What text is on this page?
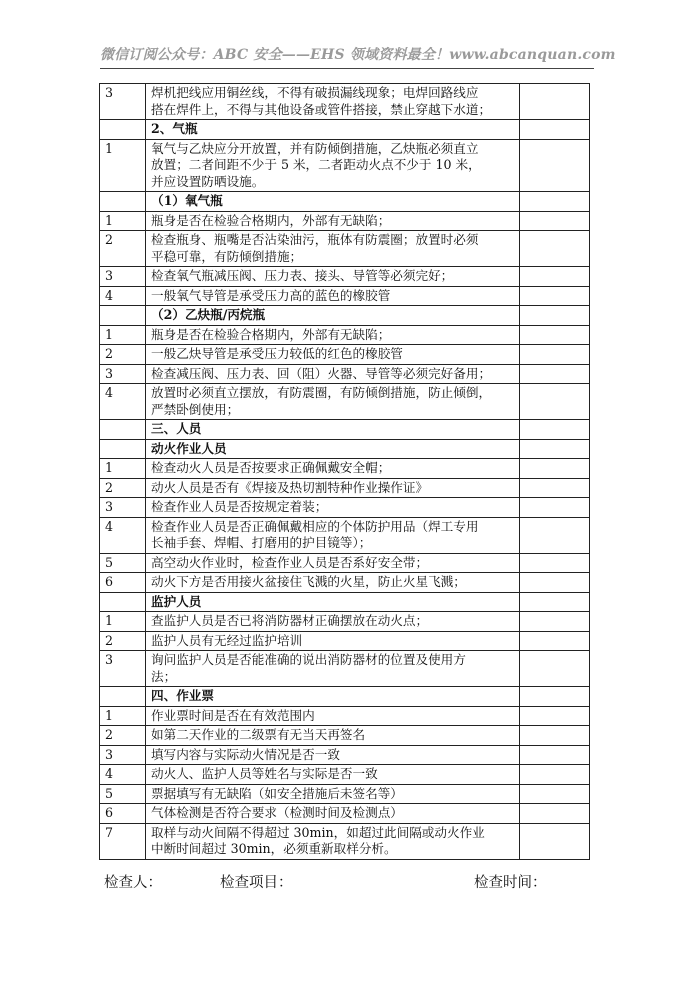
微信订阅公众号：ABC 安全——EHS 领域资料最全！www.abcanquan.com
3	焊机把线应用铜丝线，不得有破损漏线现象；电焊回路线应
搭在焊件上，不得与其他设备或管件搭接，禁止穿越下水道；	

	2、气瓶	
1	氧气与乙炔应分开放置，并有防倾倒措施，乙炔瓶必须直立
放置；二者间距不少于 5 米，二者距动火点不少于 10 米，
并应设置防晒设施。	

	（1）氧气瓶	
1	瓶身是否在检验合格期内，外部有无缺陷；	

2	检查瓶身、瓶嘴是否沾染油污，瓶体有防震圈；放置时必须
平稳可靠，有防倾倒措施；	

3	检查氧气瓶减压阀、压力表、接头、导管等必须完好；	

4	一般氧气导管是承受压力高的蓝色的橡胶管	

	（2）乙炔瓶/丙烷瓶	
1	瓶身是否在检验合格期内，外部有无缺陷；	

2	一般乙炔导管是承受压力较低的红色的橡胶管	

3	检查减压阀、压力表、回（阻）火器、导管等必须完好备用；	

4	放置时必须直立摆放，有防震圈，有防倾倒措施，防止倾倒，
严禁卧倒使用；	

	三、人员	
	动火作业人员	
1	检查动火人员是否按要求正确佩戴安全帽；	

2	动火人员是否有《焊接及热切割特种作业操作证》	

3	检查作业人员是否按规定着装；	

4	检查作业人员是否正确佩戴相应的个体防护用品（焊工专用
长袖手套、焊帽、打磨用的护目镜等）；	

5	高空动火作业时，检查作业人员是否系好安全带；	

6	动火下方是否用接火盆接住飞溅的火星，防止火星飞溅；	

	监护人员	
1	查监护人员是否已将消防器材正确摆放在动火点；	

2	监护人员有无经过监护培训	

3	询问监护人员是否能准确的说出消防器材的位置及使用方
法；	

	四、作业票	
1	作业票时间是否在有效范围内	

2	如第二天作业的二级票有无当天再签名	

3	填写内容与实际动火情况是否一致	

4	动火人、监护人员等姓名与实际是否一致	

5	票据填写有无缺陷（如安全措施后未签名等）	

6	气体检测是否符合要求（检测时间及检测点）	

7	取样与动火间隔不得超过 30min，如超过此间隔或动火作业
中断时间超过 30min，必须重新取样分析。	

检查人：	检查项目：	检查时间：
